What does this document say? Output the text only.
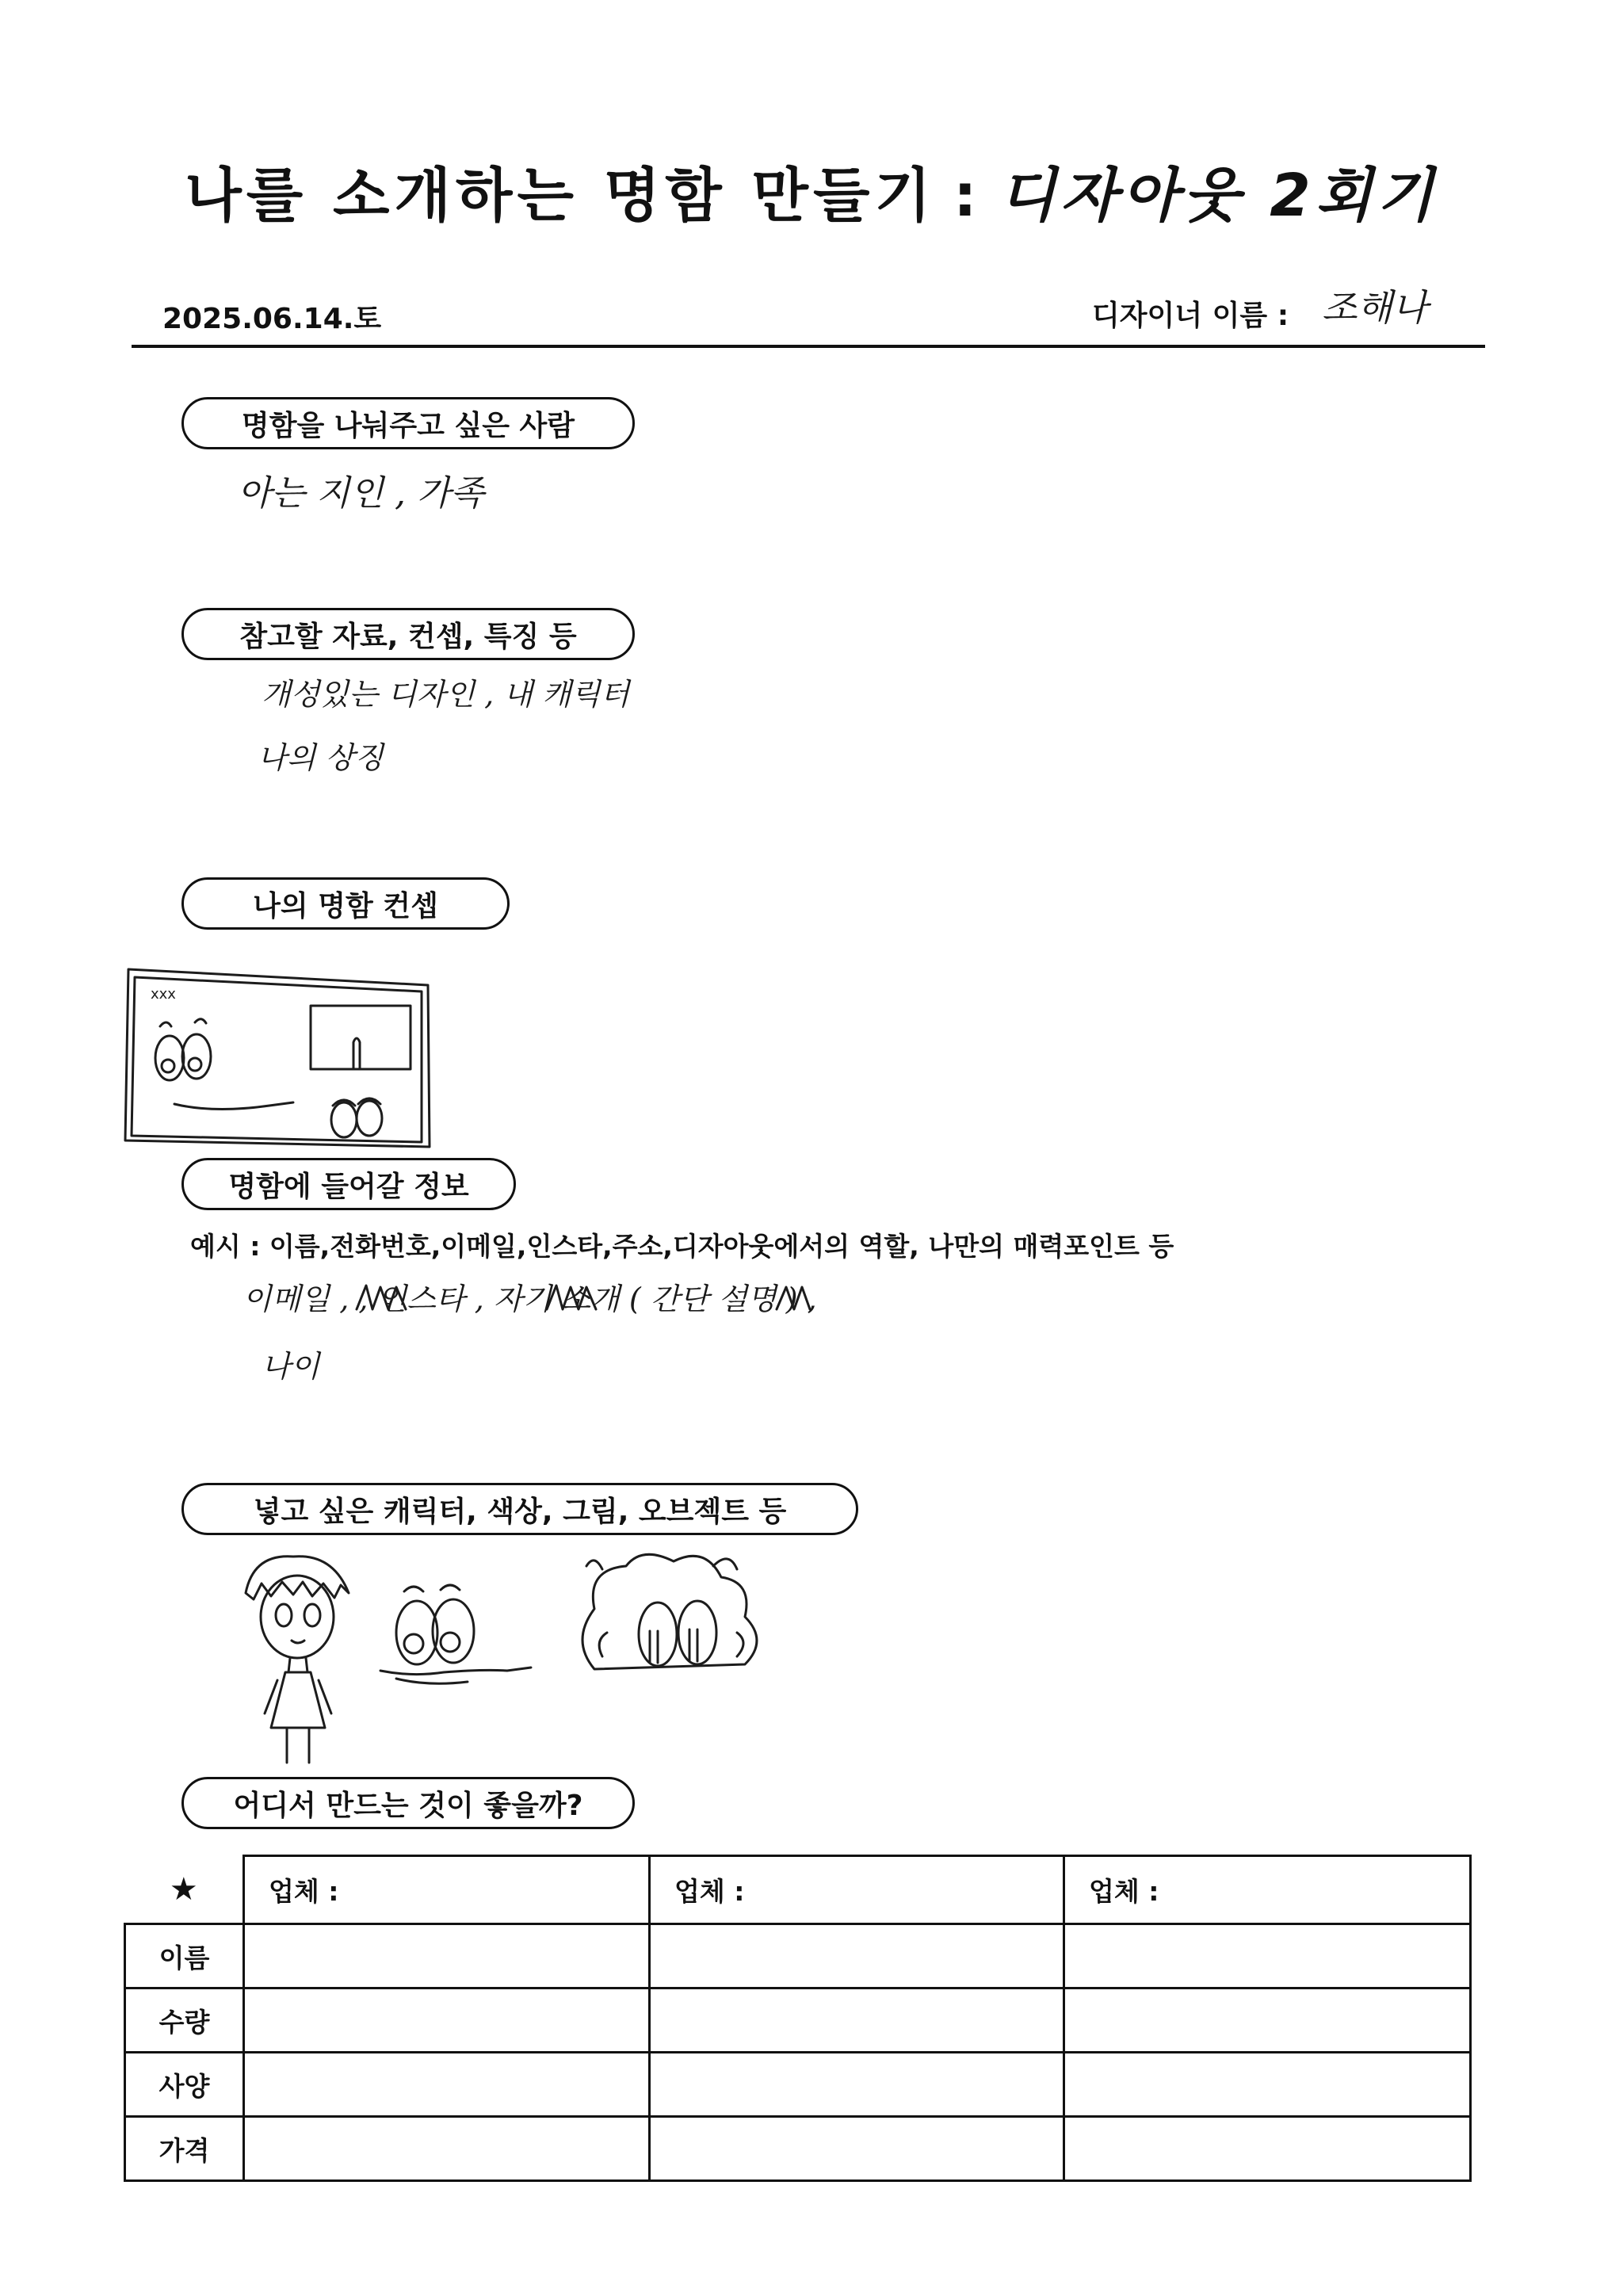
나를 소개하는 명함 만들기 : 디자아웃 2회기
2025.06.14.토	디자이너 이름 : 조해나
명함을 나눠주고 싶은 사람
아는 지인 , 가족
참고할 자료, 컨셉, 특징 등
개성있는 디자인 , 내 캐릭터
나의 상징
나의 명함 컨셉
xxx
명함에 들어갈 정보
예시 : 이름,전화번호,이메일,인스타,주소,디자아웃에서의 역할, 나만의 매력포인트 등
이메일 , , 인스타 , 자기 소개 ( 간단 설명 ) ,
나이
넣고 싶은 캐릭터, 색상, 그림, 오브젝트 등
어디서 만드는 것이 좋을까?
★	업체 :	업체 :	업체 :
이름			
수량			
사양			
가격			
